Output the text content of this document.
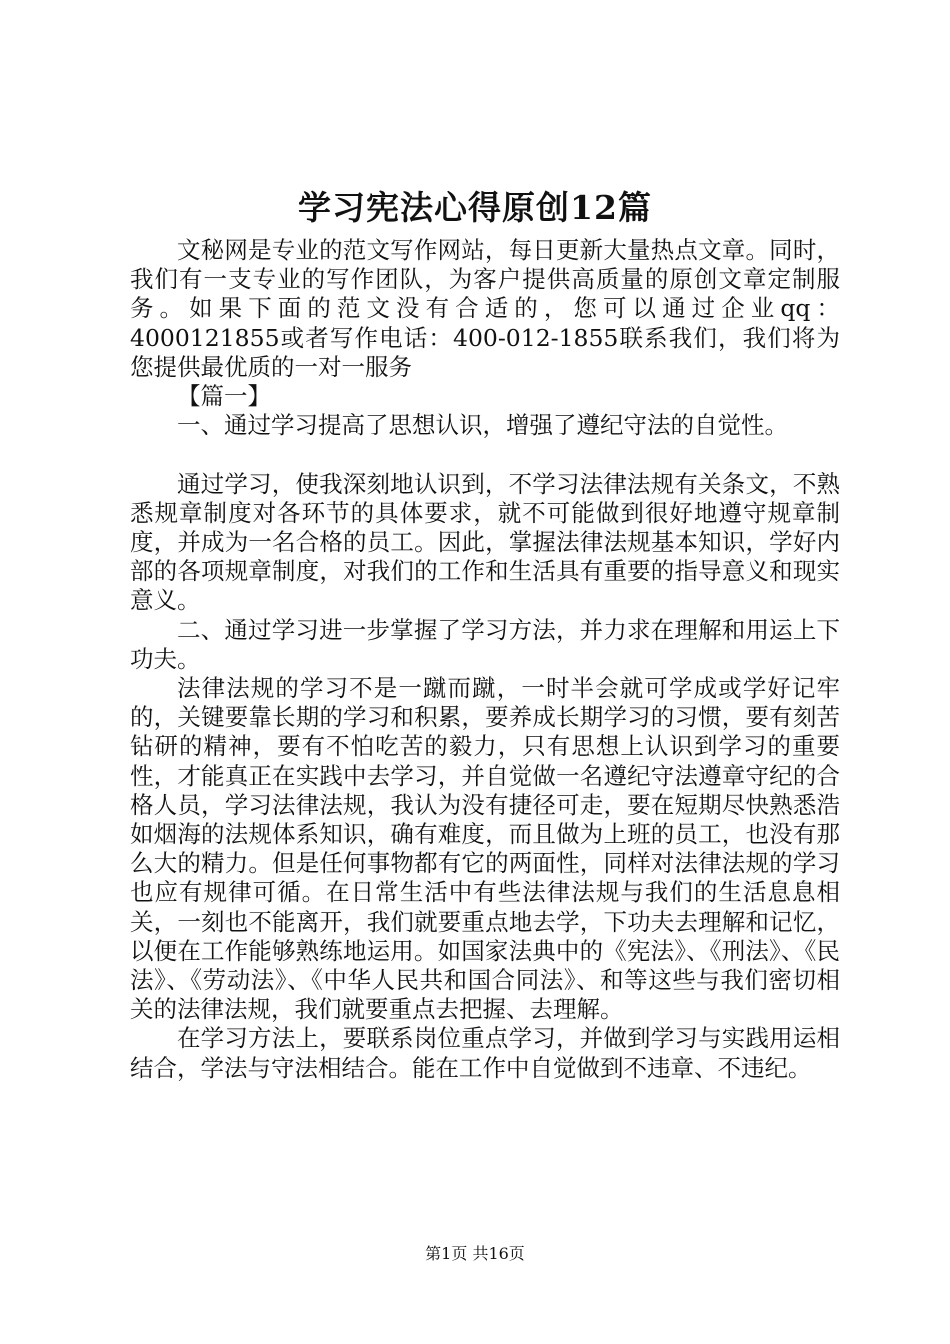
学习宪法心得原创12篇

文秘网是专业的范文写作网站，每日更新大量热点文章。同时，我们有一支专业的写作团队，为客户提供高质量的原创文章定制服务。如果下面的范文没有合适的，您可以通过企业qq：4000121855或者写作电话：400-012-1855联系我们，我们将为您提供最优质的一对一服务

【篇一】

一、通过学习提高了思想认识，增强了遵纪守法的自觉性。

通过学习，使我深刻地认识到，不学习法律法规有关条文，不熟悉规章制度对各环节的具体要求，就不可能做到很好地遵守规章制度，并成为一名合格的员工。因此，掌握法律法规基本知识，学好内部的各项规章制度，对我们的工作和生活具有重要的指导意义和现实意义。

二、通过学习进一步掌握了学习方法，并力求在理解和用运上下功夫。

法律法规的学习不是一蹴而蹴，一时半会就可学成或学好记牢的，关键要靠长期的学习和积累，要养成长期学习的习惯，要有刻苦钻研的精神，要有不怕吃苦的毅力，只有思想上认识到学习的重要性，才能真正在实践中去学习，并自觉做一名遵纪守法遵章守纪的合格人员，学习法律法规，我认为没有捷径可走，要在短期尽快熟悉浩如烟海的法规体系知识，确有难度，而且做为上班的员工，也没有那么大的精力。但是任何事物都有它的两面性，同样对法律法规的学习也应有规律可循。在日常生活中有些法律法规与我们的生活息息相关，一刻也不能离开，我们就要重点地去学，下功夫去理解和记忆，以便在工作能够熟练地运用。如国家法典中的《宪法》、《刑法》、《民法》、《劳动法》、《中华人民共和国合同法》、和等这些与我们密切相关的法律法规，我们就要重点去把握、去理解。

在学习方法上，要联系岗位重点学习，并做到学习与实践用运相结合，学法与守法相结合。能在工作中自觉做到不违章、不违纪。

第1页 共16页
